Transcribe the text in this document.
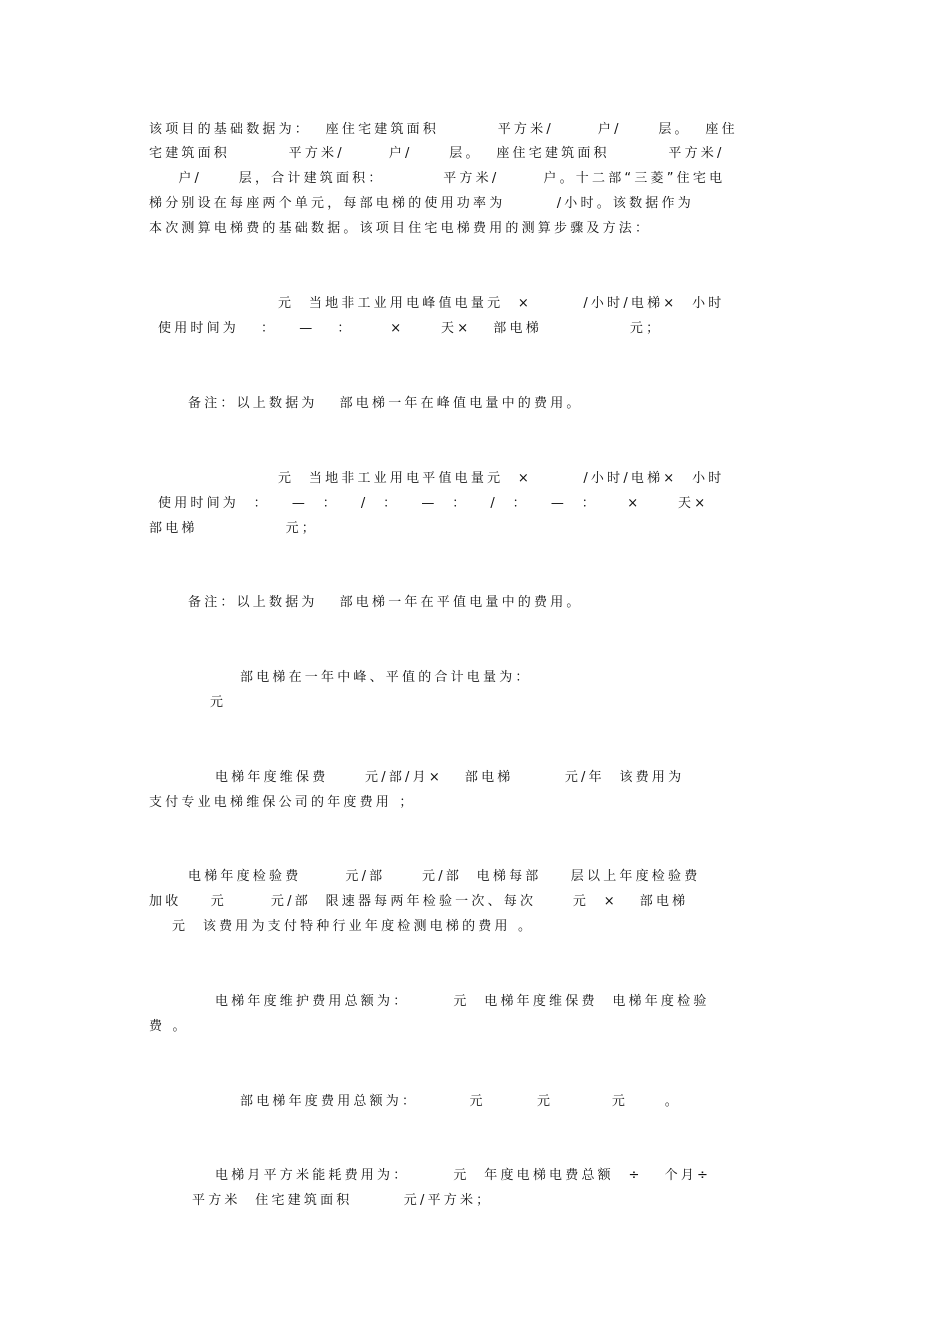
该项目的基础数据为：  座住宅建筑面积        平方米/      户/     层。  座住
宅建筑面积        平方米/      户/     层。  座住宅建筑面积        平方米/
户/     层，合计建筑面积：        平方米/      户。十二部“三菱”住宅电
梯分别设在每座两个单元，每部电梯的使用功率为       /小时。该数据作为
本次测算电梯费的基础数据。该项目住宅电梯费用的测算步骤及方法：
元  当地非工业用电峰值电量元  ×       /小时/电梯×  小时
使用时间为   ：   —   ：     ×     天×   部电梯            元；
备注：以上数据为   部电梯一年在峰值电量中的费用。
元  当地非工业用电平值电量元  ×       /小时/电梯×  小时
使用时间为  ：   —  ：   /  ：   —  ：   /  ：   —  ：    ×     天×
部电梯            元；
备注：以上数据为   部电梯一年在平值电量中的费用。
部电梯在一年中峰、平值的合计电量为：
元
电梯年度维保费     元/部/月×   部电梯       元/年  该费用为
支付专业电梯维保公司的年度费用 ；
电梯年度检验费      元/部     元/部  电梯每部    层以上年度检验费
加收    元      元/部  限速器每两年检验一次、每次     元  ×   部电梯
元  该费用为支付特种行业年度检测电梯的费用 。
电梯年度维护费用总额为：      元  电梯年度维保费  电梯年度检验
费 。
部电梯年度费用总额为：       元       元        元     。
电梯月平方米能耗费用为：      元  年度电梯电费总额  ÷   个月÷
平方米  住宅建筑面积       元/平方米；
